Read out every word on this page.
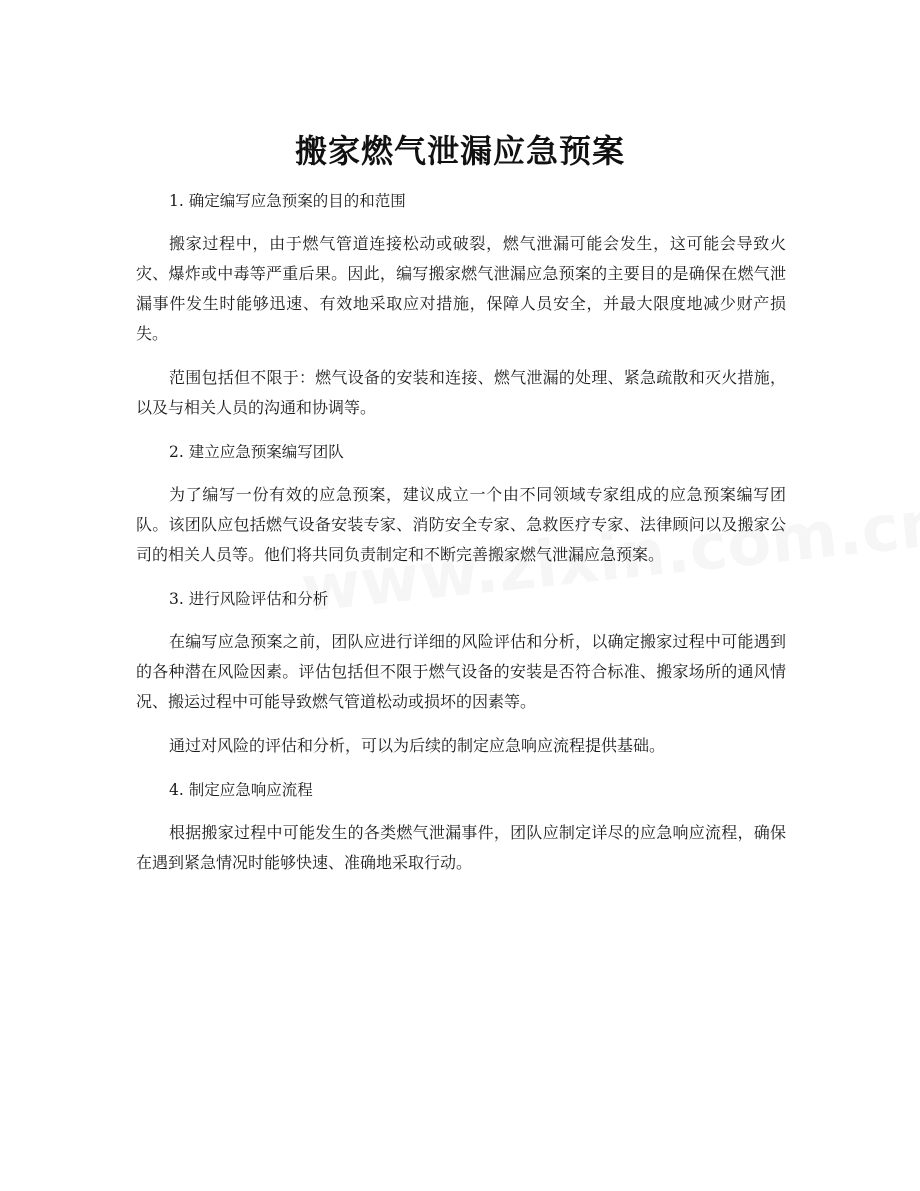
搬家燃气泄漏应急预案

1. 确定编写应急预案的目的和范围

搬家过程中，由于燃气管道连接松动或破裂，燃气泄漏可能会发生，这可能会导致火灾、爆炸或中毒等严重后果。因此，编写搬家燃气泄漏应急预案的主要目的是确保在燃气泄漏事件发生时能够迅速、有效地采取应对措施，保障人员安全，并最大限度地减少财产损失。

范围包括但不限于：燃气设备的安装和连接、燃气泄漏的处理、紧急疏散和灭火措施，以及与相关人员的沟通和协调等。

2. 建立应急预案编写团队

为了编写一份有效的应急预案，建议成立一个由不同领域专家组成的应急预案编写团队。该团队应包括燃气设备安装专家、消防安全专家、急救医疗专家、法律顾问以及搬家公司的相关人员等。他们将共同负责制定和不断完善搬家燃气泄漏应急预案。

3. 进行风险评估和分析

在编写应急预案之前，团队应进行详细的风险评估和分析，以确定搬家过程中可能遇到的各种潜在风险因素。评估包括但不限于燃气设备的安装是否符合标准、搬家场所的通风情况、搬运过程中可能导致燃气管道松动或损坏的因素等。

通过对风险的评估和分析，可以为后续的制定应急响应流程提供基础。

4. 制定应急响应流程

根据搬家过程中可能发生的各类燃气泄漏事件，团队应制定详尽的应急响应流程，确保在遇到紧急情况时能够快速、准确地采取行动。
